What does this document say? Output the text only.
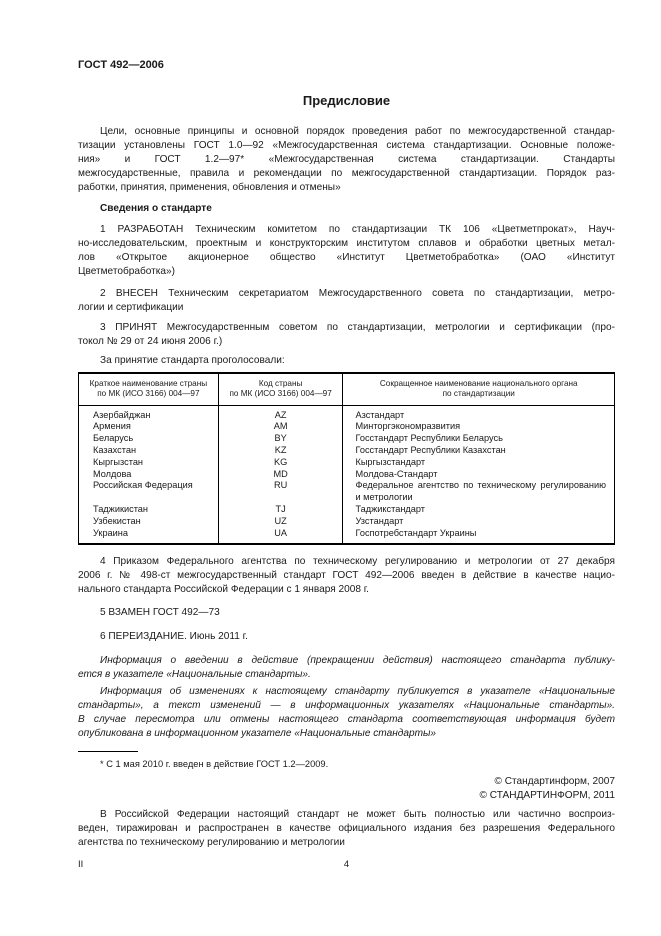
ГОСТ 492—2006
Предисловие
Цели, основные принципы и основной порядок проведения работ по межгосударственной стандар-
тизации установлены ГОСТ 1.0—92 «Межгосударственная система стандартизации. Основные положе-
ния» и ГОСТ 1.2—97* «Межгосударственная система стандартизации. Стандарты
межгосударственные, правила и рекомендации по межгосударственной стандартизации. Порядок раз-
работки, принятия, применения, обновления и отмены»
Сведения о стандарте
1 РАЗРАБОТАН Техническим комитетом по стандартизации ТК 106 «Цветметпрокат», Науч-
но-исследовательским, проектным и конструкторским институтом сплавов и обработки цветных метал-
лов «Открытое акционерное общество «Институт Цветметобработка» (ОАО «Институт
Цветметобработка»)
2 ВНЕСЕН Техническим секретариатом Межгосударственного совета по стандартизации, метро-
логии и сертификации
3 ПРИНЯТ Межгосударственным советом по стандартизации, метрологии и сертификации (про-
токол № 29 от 24 июня 2006 г.)
За принятие стандарта проголосовали:
Краткое наименование страны
по МК (ИСО 3166) 004—97

Код страны
по МК (ИСО 3166) 004—97

Сокращенное наименование национального органа
по стандартизации

Азербайджан	AZ	Азстандарт
Армения	AM	Минторгэкономразвития
Беларусь	BY	Госстандарт Республики Беларусь
Казахстан	KZ	Госстандарт Республики Казахстан
Кыргызстан	KG	Кыргызстандарт
Молдова	MD	Молдова-Стандарт
Российская Федерация	RU	Федеральное агентство по техническому регулированию и метрологии
Таджикистан	TJ	Таджикстандарт
Узбекистан	UZ	Узстандарт
Украина	UA	Госпотребстандарт Украины
4 Приказом Федерального агентства по техническому регулированию и метрологии от 27 декабря
2006 г. № 498-ст межгосударственный стандарт ГОСТ 492—2006 введен в действие в качестве нацио-
нального стандарта Российской Федерации с 1 января 2008 г.
5 ВЗАМЕН ГОСТ 492—73
6 ПЕРЕИЗДАНИЕ. Июнь 2011 г.
Информация о введении в действие (прекращении действия) настоящего стандарта публику-
ется в указателе «Национальные стандарты».
Информация об изменениях к настоящему стандарту публикуется в указателе «Национальные
стандарты», а текст изменений — в информационных указателях «Национальные стандарты».
В случае пересмотра или отмены настоящего стандарта соответствующая информация будет
опубликована в информационном указателе «Национальные стандарты»
* С 1 мая 2010 г. введен в действие ГОСТ 1.2—2009.
© Стандартинформ, 2007
© СТАНДАРТИНФОРМ, 2011
В Российской Федерации настоящий стандарт не может быть полностью или частично воспроиз-
веден, тиражирован и распространен в качестве официального издания без разрешения Федерального
агентства по техническому регулированию и метрологии
II	4
